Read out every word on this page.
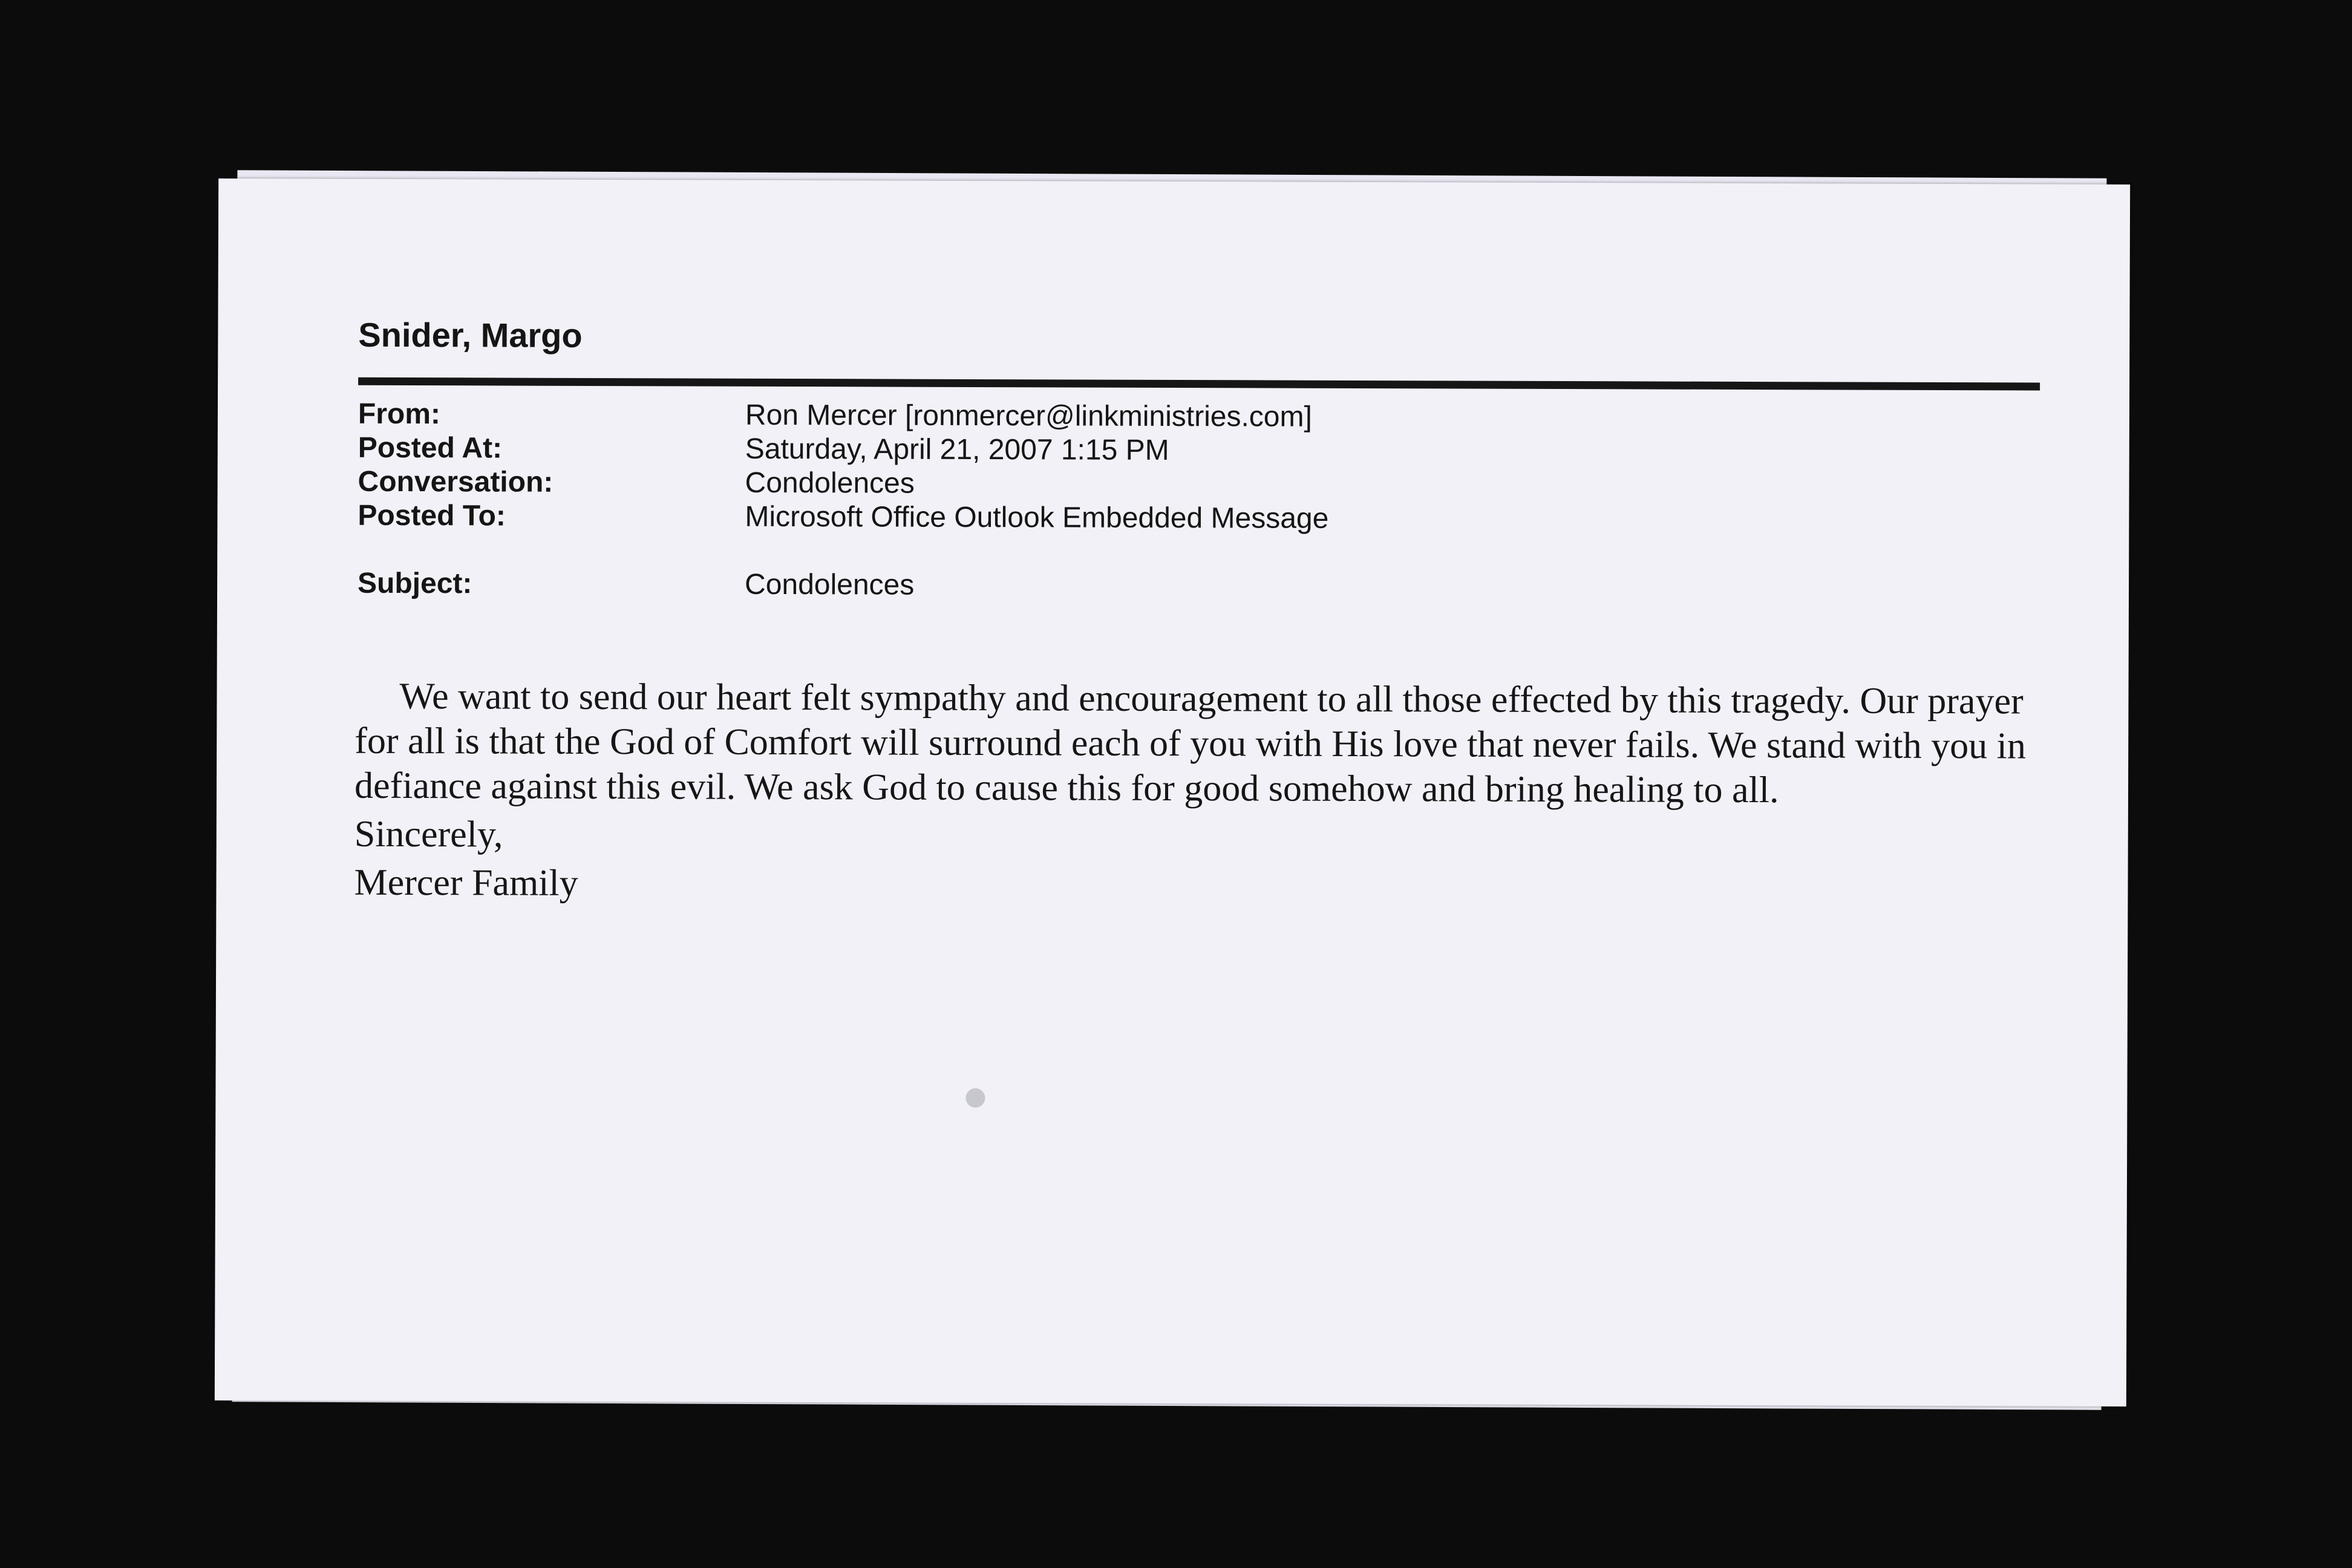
Snider, Margo
From:	Ron Mercer [ronmercer@linkministries.com]
Posted At:	Saturday, April 21, 2007 1:15 PM
Conversation:	Condolences
Posted To:	Microsoft Office Outlook Embedded Message
Subject:	Condolences

We want to send our heart felt sympathy and encouragement to all those effected by this tragedy. Our prayer for all is that the God of Comfort will surround each of you with His love that never fails. We stand with you in defiance against this evil. We ask God to cause this for good somehow and bring healing to all.

Sincerely,

Mercer Family
